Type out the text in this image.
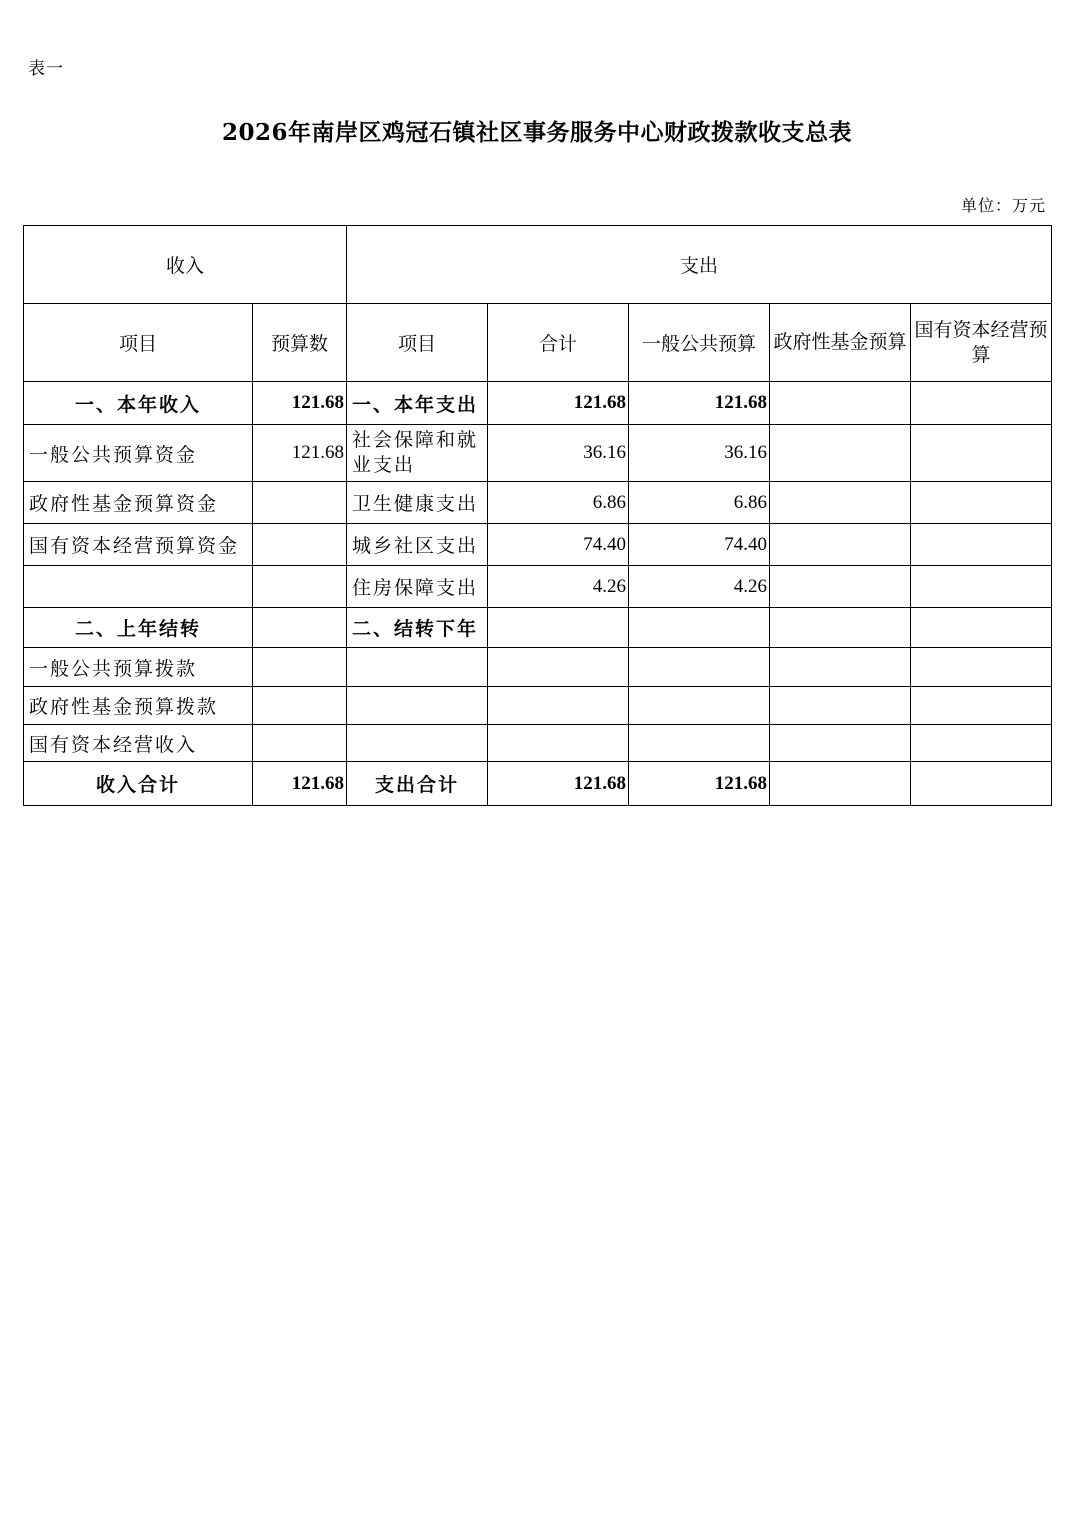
表一
2026年南岸区鸡冠石镇社区事务服务中心财政拨款收支总表
单位：万元
收入		支出				
项目	预算数	项目	合计	一般公共预算	政府性基金预算	国有资本经营预算
一、本年收入	121.68	一、本年支出	121.68	121.68		
一般公共预算资金	121.68	社会保障和就业支出	36.16	36.16		
政府性基金预算资金		卫生健康支出	6.86	6.86		
国有资本经营预算资金		城乡社区支出	74.40	74.40		
		住房保障支出	4.26	4.26		
二、上年结转		二、结转下年				
一般公共预算拨款						
政府性基金预算拨款						
国有资本经营收入						
收入合计	121.68	支出合计	121.68	121.68		
